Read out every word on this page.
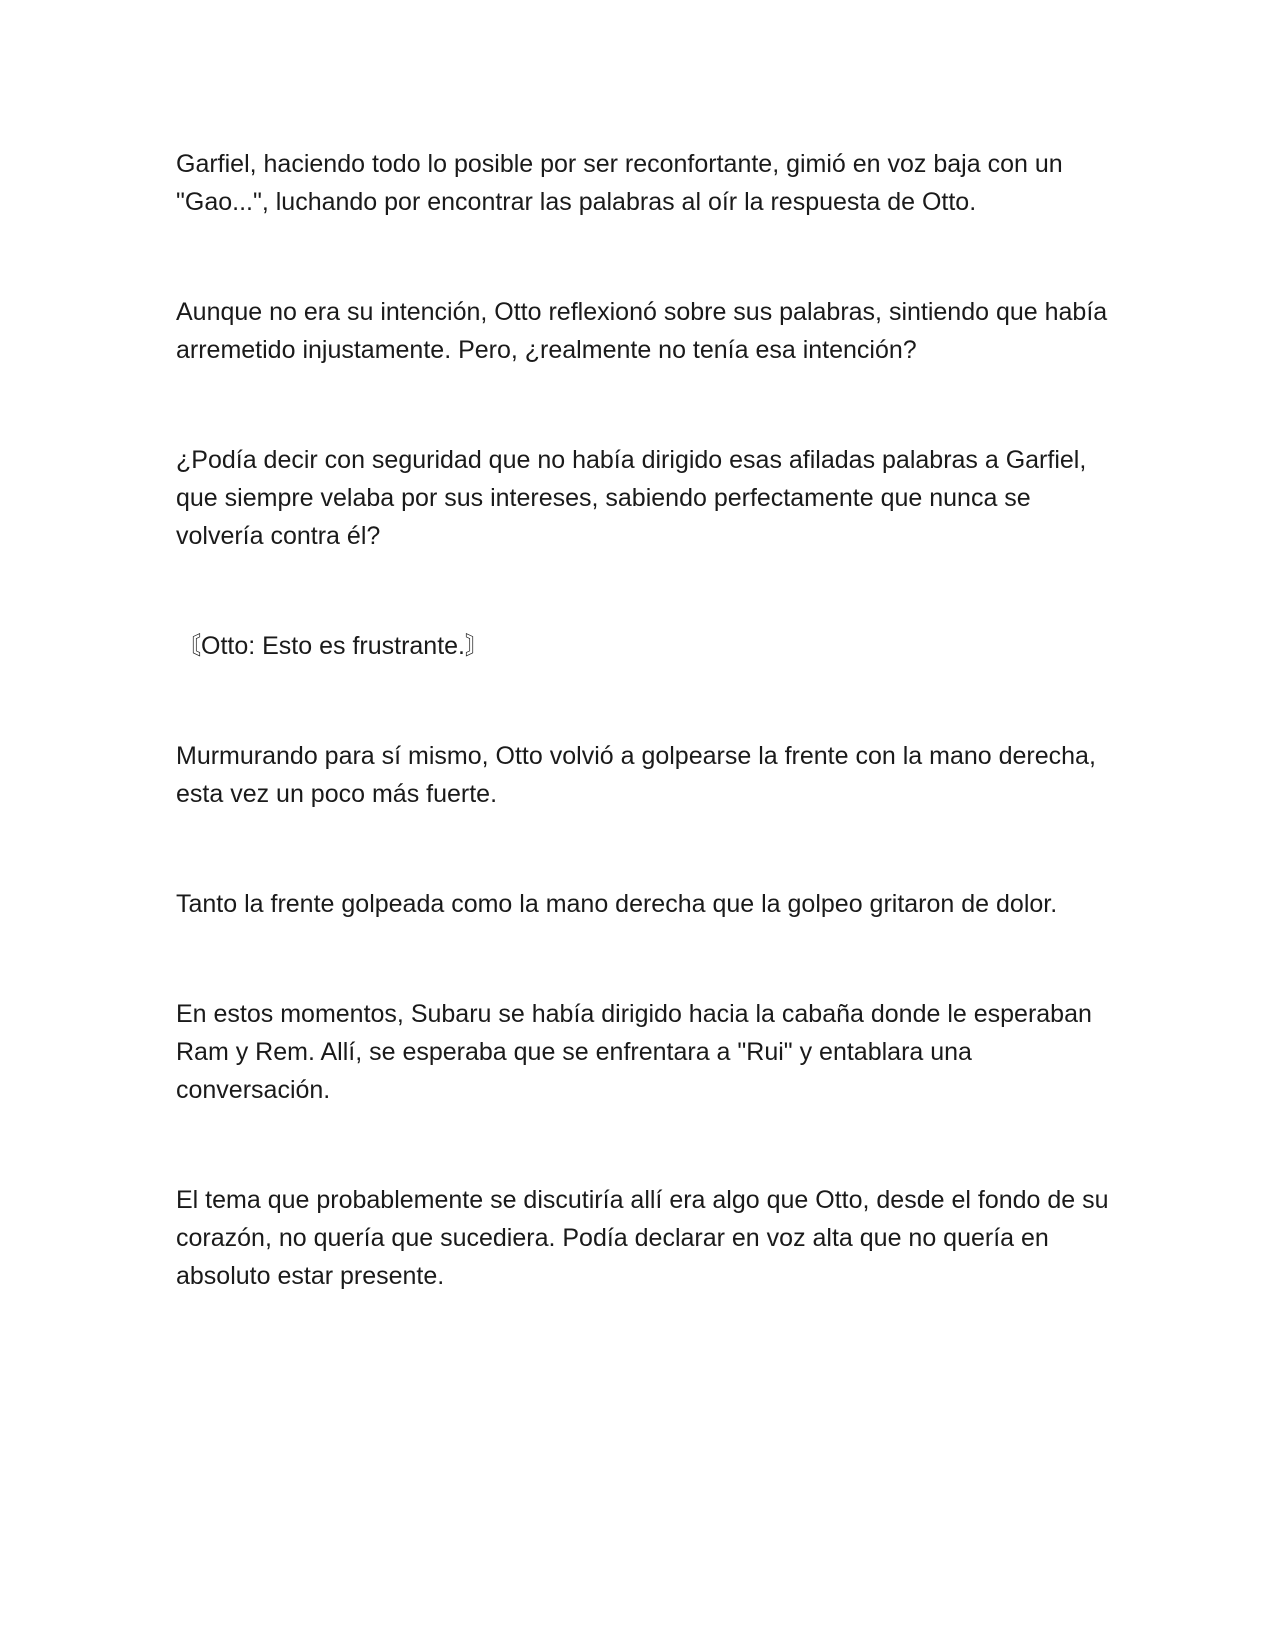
Garfiel, haciendo todo lo posible por ser reconfortante, gimió en voz baja con un "Gao...", luchando por encontrar las palabras al oír la respuesta de Otto.

Aunque no era su intención, Otto reflexionó sobre sus palabras, sintiendo que había arremetido injustamente. Pero, ¿realmente no tenía esa intención?

¿Podía decir con seguridad que no había dirigido esas afiladas palabras a Garfiel, que siempre velaba por sus intereses, sabiendo perfectamente que nunca se volvería contra él?

〘Otto: Esto es frustrante.〙

Murmurando para sí mismo, Otto volvió a golpearse la frente con la mano derecha, esta vez un poco más fuerte.

Tanto la frente golpeada como la mano derecha que la golpeo gritaron de dolor.

En estos momentos, Subaru se había dirigido hacia la cabaña donde le esperaban Ram y Rem. Allí, se esperaba que se enfrentara a "Rui" y entablara una conversación.

El tema que probablemente se discutiría allí era algo que Otto, desde el fondo de su corazón, no quería que sucediera. Podía declarar en voz alta que no quería en absoluto estar presente.
